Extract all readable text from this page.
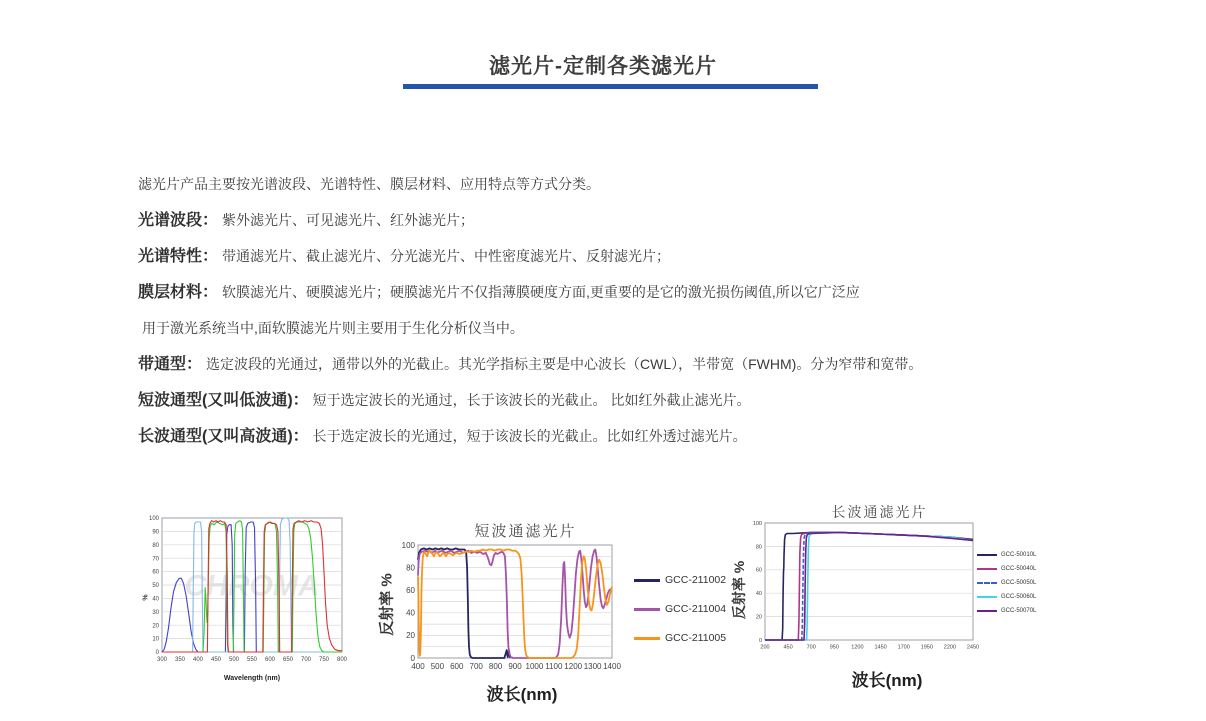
滤光片-定制各类滤光片

滤光片产品主要按光谱波段、光谱特性、膜层材料、应用特点等方式分类。

光谱波段： 紫外滤光片、可见滤光片、红外滤光片；

光谱特性： 带通滤光片、截止滤光片、分光滤光片、中性密度滤光片、反射滤光片；

膜层材料： 软膜滤光片、硬膜滤光片；硬膜滤光片不仅指薄膜硬度方面,更重要的是它的激光损伤阈值,所以它广泛应

用于激光系统当中,面软膜滤光片则主要用于生化分析仪当中。

带通型： 选定波段的光通过，通带以外的光截止。其光学指标主要是中心波长（CWL），半带宽（FWHM)。分为窄带和宽带。

短波通型(又叫低波通)： 短于选定波长的光通过，长于该波长的光截止。 比如红外截止滤光片。

长波通型(又叫高波通)： 长于选定波长的光通过，短于该波长的光截止。比如红外透过滤光片。

0
10
20
30
40
50
60
70
80
90
100
300 350 400 450 500 550 600 650 700 750 800
CHROMA
%
Wavelength (nm)
短波通滤光片
0
20
40
60
80
100
400 500 600 700 800 900 1000 1100 1200 1300 1400
反射率 %
波长(nm)
GCC-211002
GCC-211004
GCC-211005
长波通滤光片
0
20
40
60
80
100
200	450	700	950 1200 1450 1700 1950 2200 2450
反射率 %
波长(nm)
GCC-50010L
GCC-50040L
GCC-50050L
GCC-50060L
GCC-50070L
